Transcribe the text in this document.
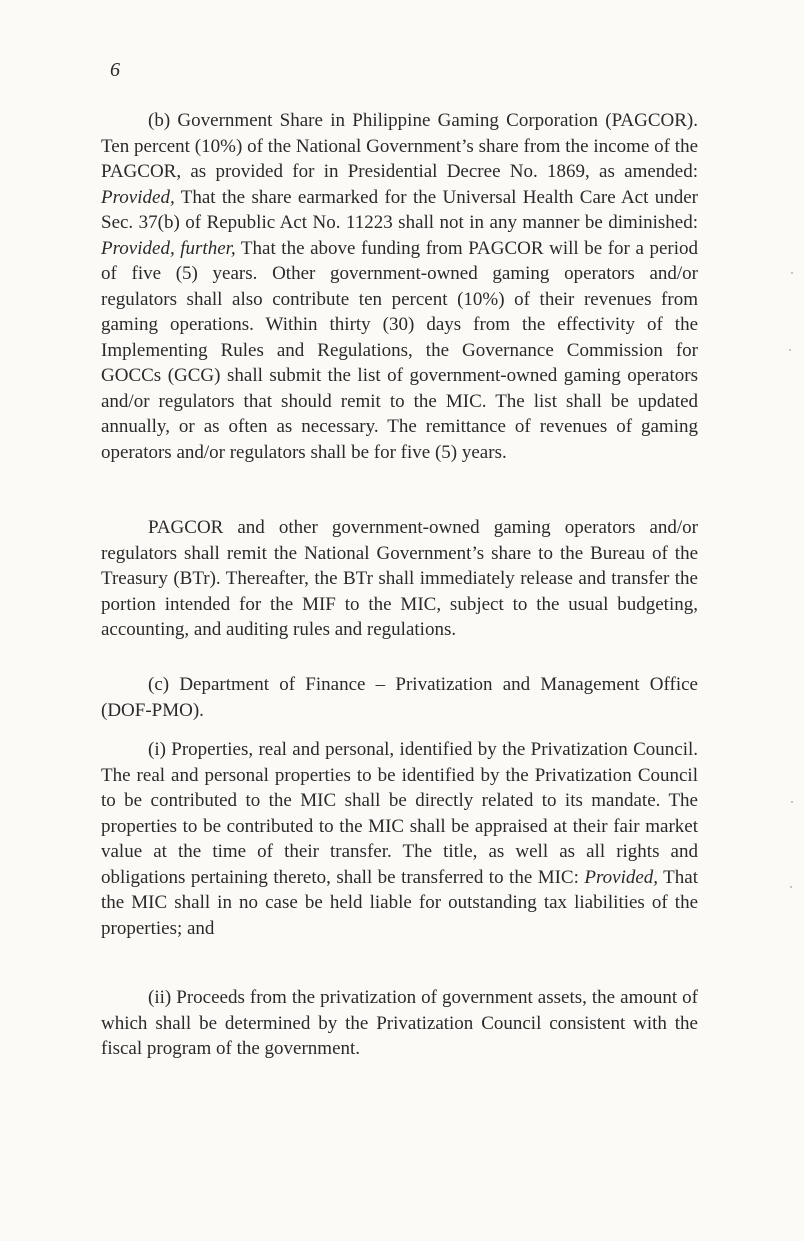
6

(b) Government Share in Philippine Gaming Corporation (PAGCOR). Ten percent (10%) of the National Government’s share from the income of the PAGCOR, as provided for in Presidential Decree No. 1869, as amended: Provided, That the share earmarked for the Universal Health Care Act under Sec. 37(b) of Republic Act No. 11223 shall not in any manner be diminished: Provided, further, That the above funding from PAGCOR will be for a period of five (5) years. Other government-owned gaming operators and/or regulators shall also contribute ten percent (10%) of their revenues from gaming operations. Within thirty (30) days from the effectivity of the Implementing Rules and Regulations, the Governance Commission for GOCCs (GCG) shall submit the list of government-owned gaming operators and/or regulators that should remit to the MIC. The list shall be updated annually, or as often as necessary. The remittance of revenues of gaming operators and/or regulators shall be for five (5) years.

PAGCOR and other government-owned gaming operators and/or regulators shall remit the National Government’s share to the Bureau of the Treasury (BTr). Thereafter, the BTr shall immediately release and transfer the portion intended for the MIF to the MIC, subject to the usual budgeting, accounting, and auditing rules and regulations.

(c) Department of Finance – Privatization and Management Office (DOF-PMO).

(i) Properties, real and personal, identified by the Privatization Council. The real and personal properties to be identified by the Privatization Council to be contributed to the MIC shall be directly related to its mandate. The properties to be contributed to the MIC shall be appraised at their fair market value at the time of their transfer. The title, as well as all rights and obligations pertaining thereto, shall be transferred to the MIC: Provided, That the MIC shall in no case be held liable for outstanding tax liabilities of the properties; and

(ii) Proceeds from the privatization of government assets, the amount of which shall be determined by the Privatization Council consistent with the fiscal program of the government.
